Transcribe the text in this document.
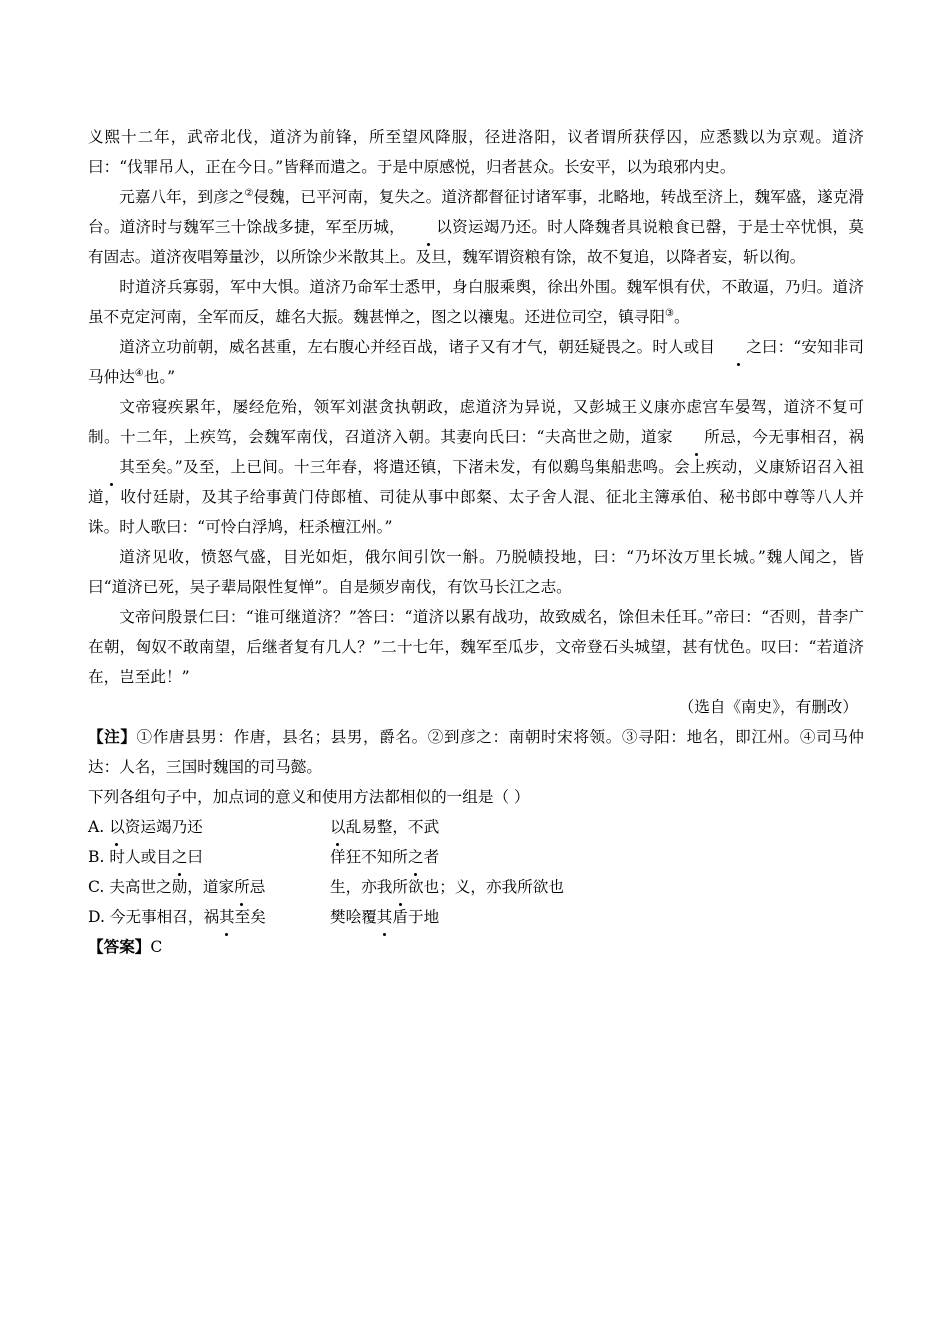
义熙十二年，武帝北伐，道济为前锋，所至望风降服，径进洛阳，议者谓所获俘囚，应悉戮以为京观。道济曰：“伐罪吊人，正在今日。”皆释而遣之。于是中原感悦，归者甚众。长安平，以为琅邪内史。

元嘉八年，到彦之②侵魏，已平河南，复失之。道济都督征讨诸军事，北略地，转战至济上，魏军盛，遂克滑台。道济时与魏军三十馀战多捷，军至历城， 以资运竭乃还。时人降魏者具说粮食已罄，于是士卒忧惧，莫有固志。道济夜唱筹量沙，以所馀少米散其上。及旦，魏军谓资粮有馀，故不复追，以降者妄，斩以徇。

时道济兵寡弱，军中大惧。道济乃命军士悉甲，身白服乘舆，徐出外围。魏军惧有伏，不敢逼，乃归。道济虽不克定河南，全军而反，雄名大振。魏甚惮之，图之以禳鬼。还进位司空，镇寻阳③。

道济立功前朝，威名甚重，左右腹心并经百战，诸子又有才气，朝廷疑畏之。时人或目 之曰：“安知非司马仲达④也。”

文帝寝疾累年，屡经危殆，领军刘湛贪执朝政，虑道济为异说，又彭城王义康亦虑宫车晏驾，道济不复可制。十二年，上疾笃，会魏军南伐，召道济入朝。其妻向氏曰：“夫高世之勋，道家 所忌，今无事相召，祸其至矣。”及至，上已间。十三年春，将遣还镇，下渚未发，有似鶢鸟集船悲鸣。会上疾动，义康矫诏召入祖道，收付廷尉，及其子给事黄门侍郎植、司徒从事中郎粲、太子舍人混、征北主簿承伯、秘书郎中尊等八人并诛。时人歌曰：“可怜白浮鸠，枉杀檀江州。”

道济见收，愤怒气盛，目光如炬，俄尔间引饮一斛。乃脱帻投地，曰：“乃坏汝万里长城。”魏人闻之，皆曰“道济已死，吴子辈局限性复惮”。自是频岁南伐，有饮马长江之志。

文帝问殷景仁曰：“谁可继道济？”答曰：“道济以累有战功，故致威名，馀但未任耳。”帝曰：“否则，昔李广在朝，匈奴不敢南望，后继者复有几人？”二十七年，魏军至瓜步，文帝登石头城望，甚有忧色。叹曰：“若道济在，岂至此！”

（选自《南史》，有删改）

【注】①作唐县男：作唐，县名；县男，爵名。②到彦之：南朝时宋将领。③寻阳：地名，即江州。④司马仲达：人名，三国时魏国的司马懿。

下列各组句子中，加点词的意义和使用方法都相似的一组是（ ）

A. 以资运竭乃还	以乱易整，不武
B. 时人或目之曰	佯狂不知所之者
C. 夫高世之勋，道家所忌	生，亦我所欲也；义，亦我所欲也
D. 今无事相召，祸其至矣	樊哙覆其盾于地

【答案】C
